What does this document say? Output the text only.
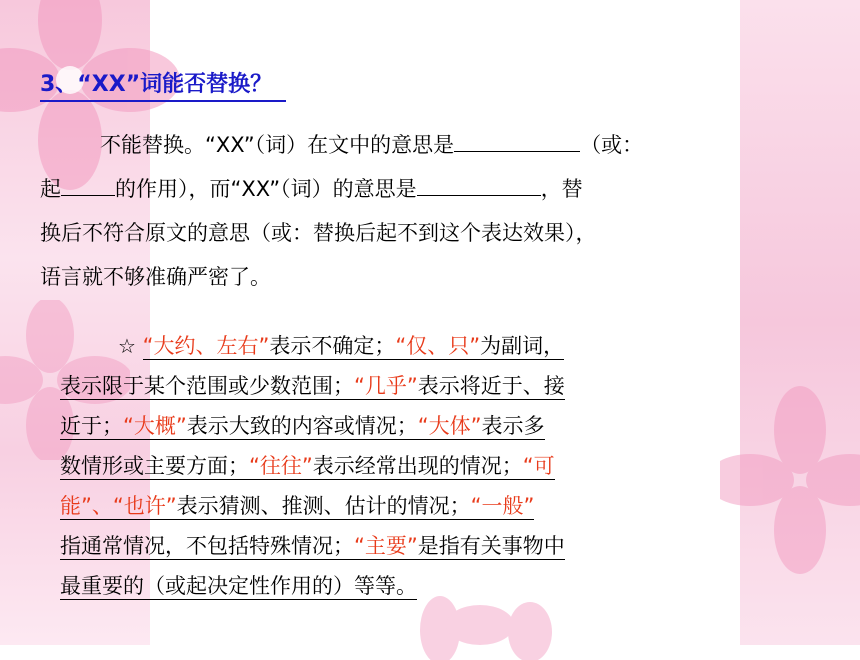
3、“XX”词能否替换？
不能替换。“XX”（词）在文中的意思是	（或：
起	的作用），而“XX”（词）的意思是	，替
换后不符合原文的意思（或：替换后起不到这个表达效果），
语言就不够准确严密了。
☆ “大约、左右”表示不确定；“仅、只”为副词，
表示限于某个范围或少数范围；“几乎”表示将近于、接
近于；“大概”表示大致的内容或情况；“大体”表示多
数情形或主要方面；“往往”表示经常出现的情况；“可
能”、“也许”表示猜测、推测、估计的情况；“一般”
指通常情况，不包括特殊情况；“主要”是指有关事物中
最重要的（或起决定性作用的）等等。
